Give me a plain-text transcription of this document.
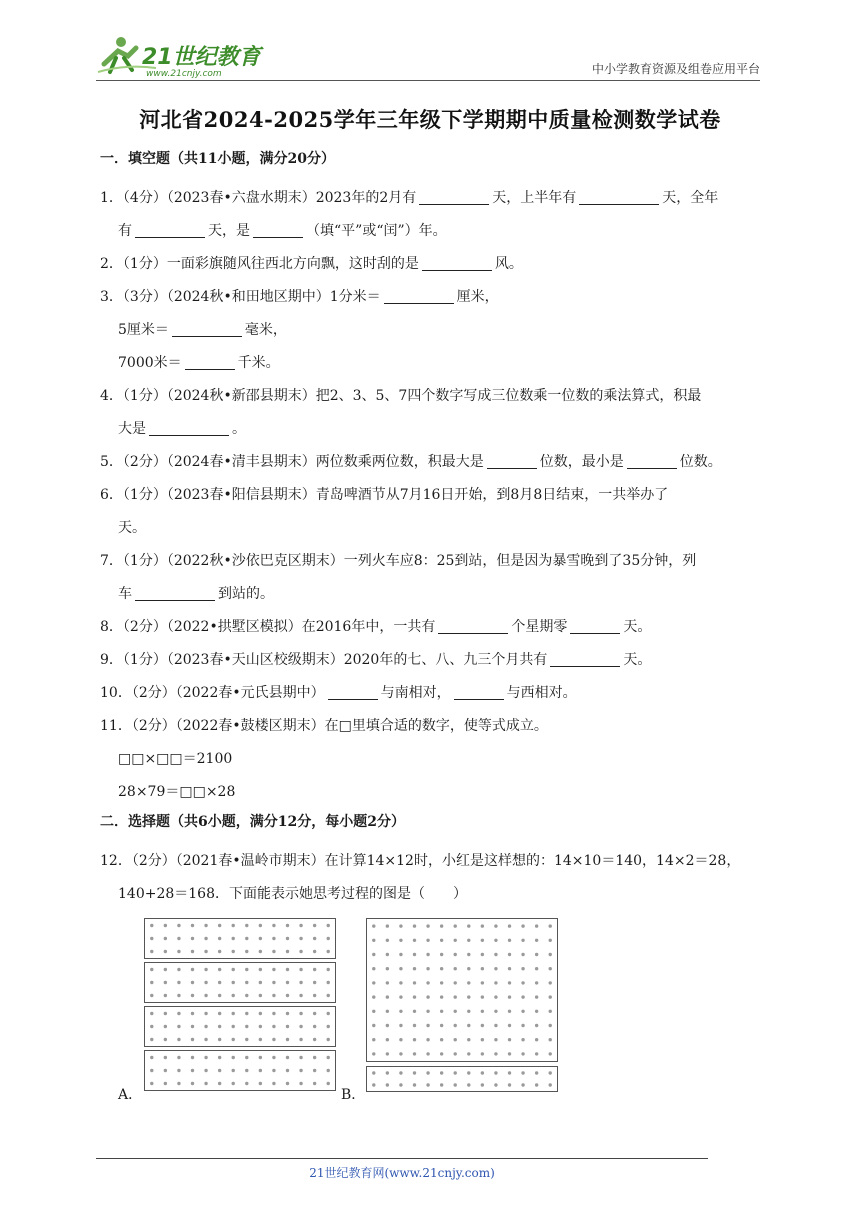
21世纪教育
www.21cnjy.com	中小学教育资源及组卷应用平台
河北省2024-2025学年三年级下学期期中质量检测数学试卷
一．填空题（共11小题，满分20分）
1．（4分）（2023春•六盘水期末）2023年的2月有	天，上半年有	天，全年
有	天，是	（填“平”或“闰”）年。
2．（1分）一面彩旗随风往西北方向飘，这时刮的是	风。
3．（3分）（2024秋•和田地区期中）1分米＝	厘米，
5厘米＝	毫米，
7000米＝	千米。
4．（1分）（2024秋•新邵县期末）把2、3、5、7四个数字写成三位数乘一位数的乘法算式，积最
大是	。
5．（2分）（2024春•清丰县期末）两位数乘两位数，积最大是	位数，最小是	位数。
6．（1分）（2023春•阳信县期末）青岛啤酒节从7月16日开始，到8月8日结束，一共举办了
天。
7．（1分）（2022秋•沙依巴克区期末）一列火车应8：25到站，但是因为暴雪晚到了35分钟，列
车	到站的。
8．（2分）（2022•拱墅区模拟）在2016年中，一共有	个星期零	天。
9．（1分）（2023春•天山区校级期末）2020年的七、八、九三个月共有	天。
10．（2分）（2022春•元氏县期中）	与南相对，	与西相对。
11．（2分）（2022春•鼓楼区期末）在□里填合适的数字，使等式成立。
□□×□□＝2100
28×79＝□□×28
二．选择题（共6小题，满分12分，每小题2分）
12．（2分）（2021春•温岭市期末）在计算14×12时，小红是这样想的：14×10＝140，14×2＝28，
140+28＝168．下面能表示她思考过程的图是（　　）
A．	B．
21世纪教育网(www.21cnjy.com)
